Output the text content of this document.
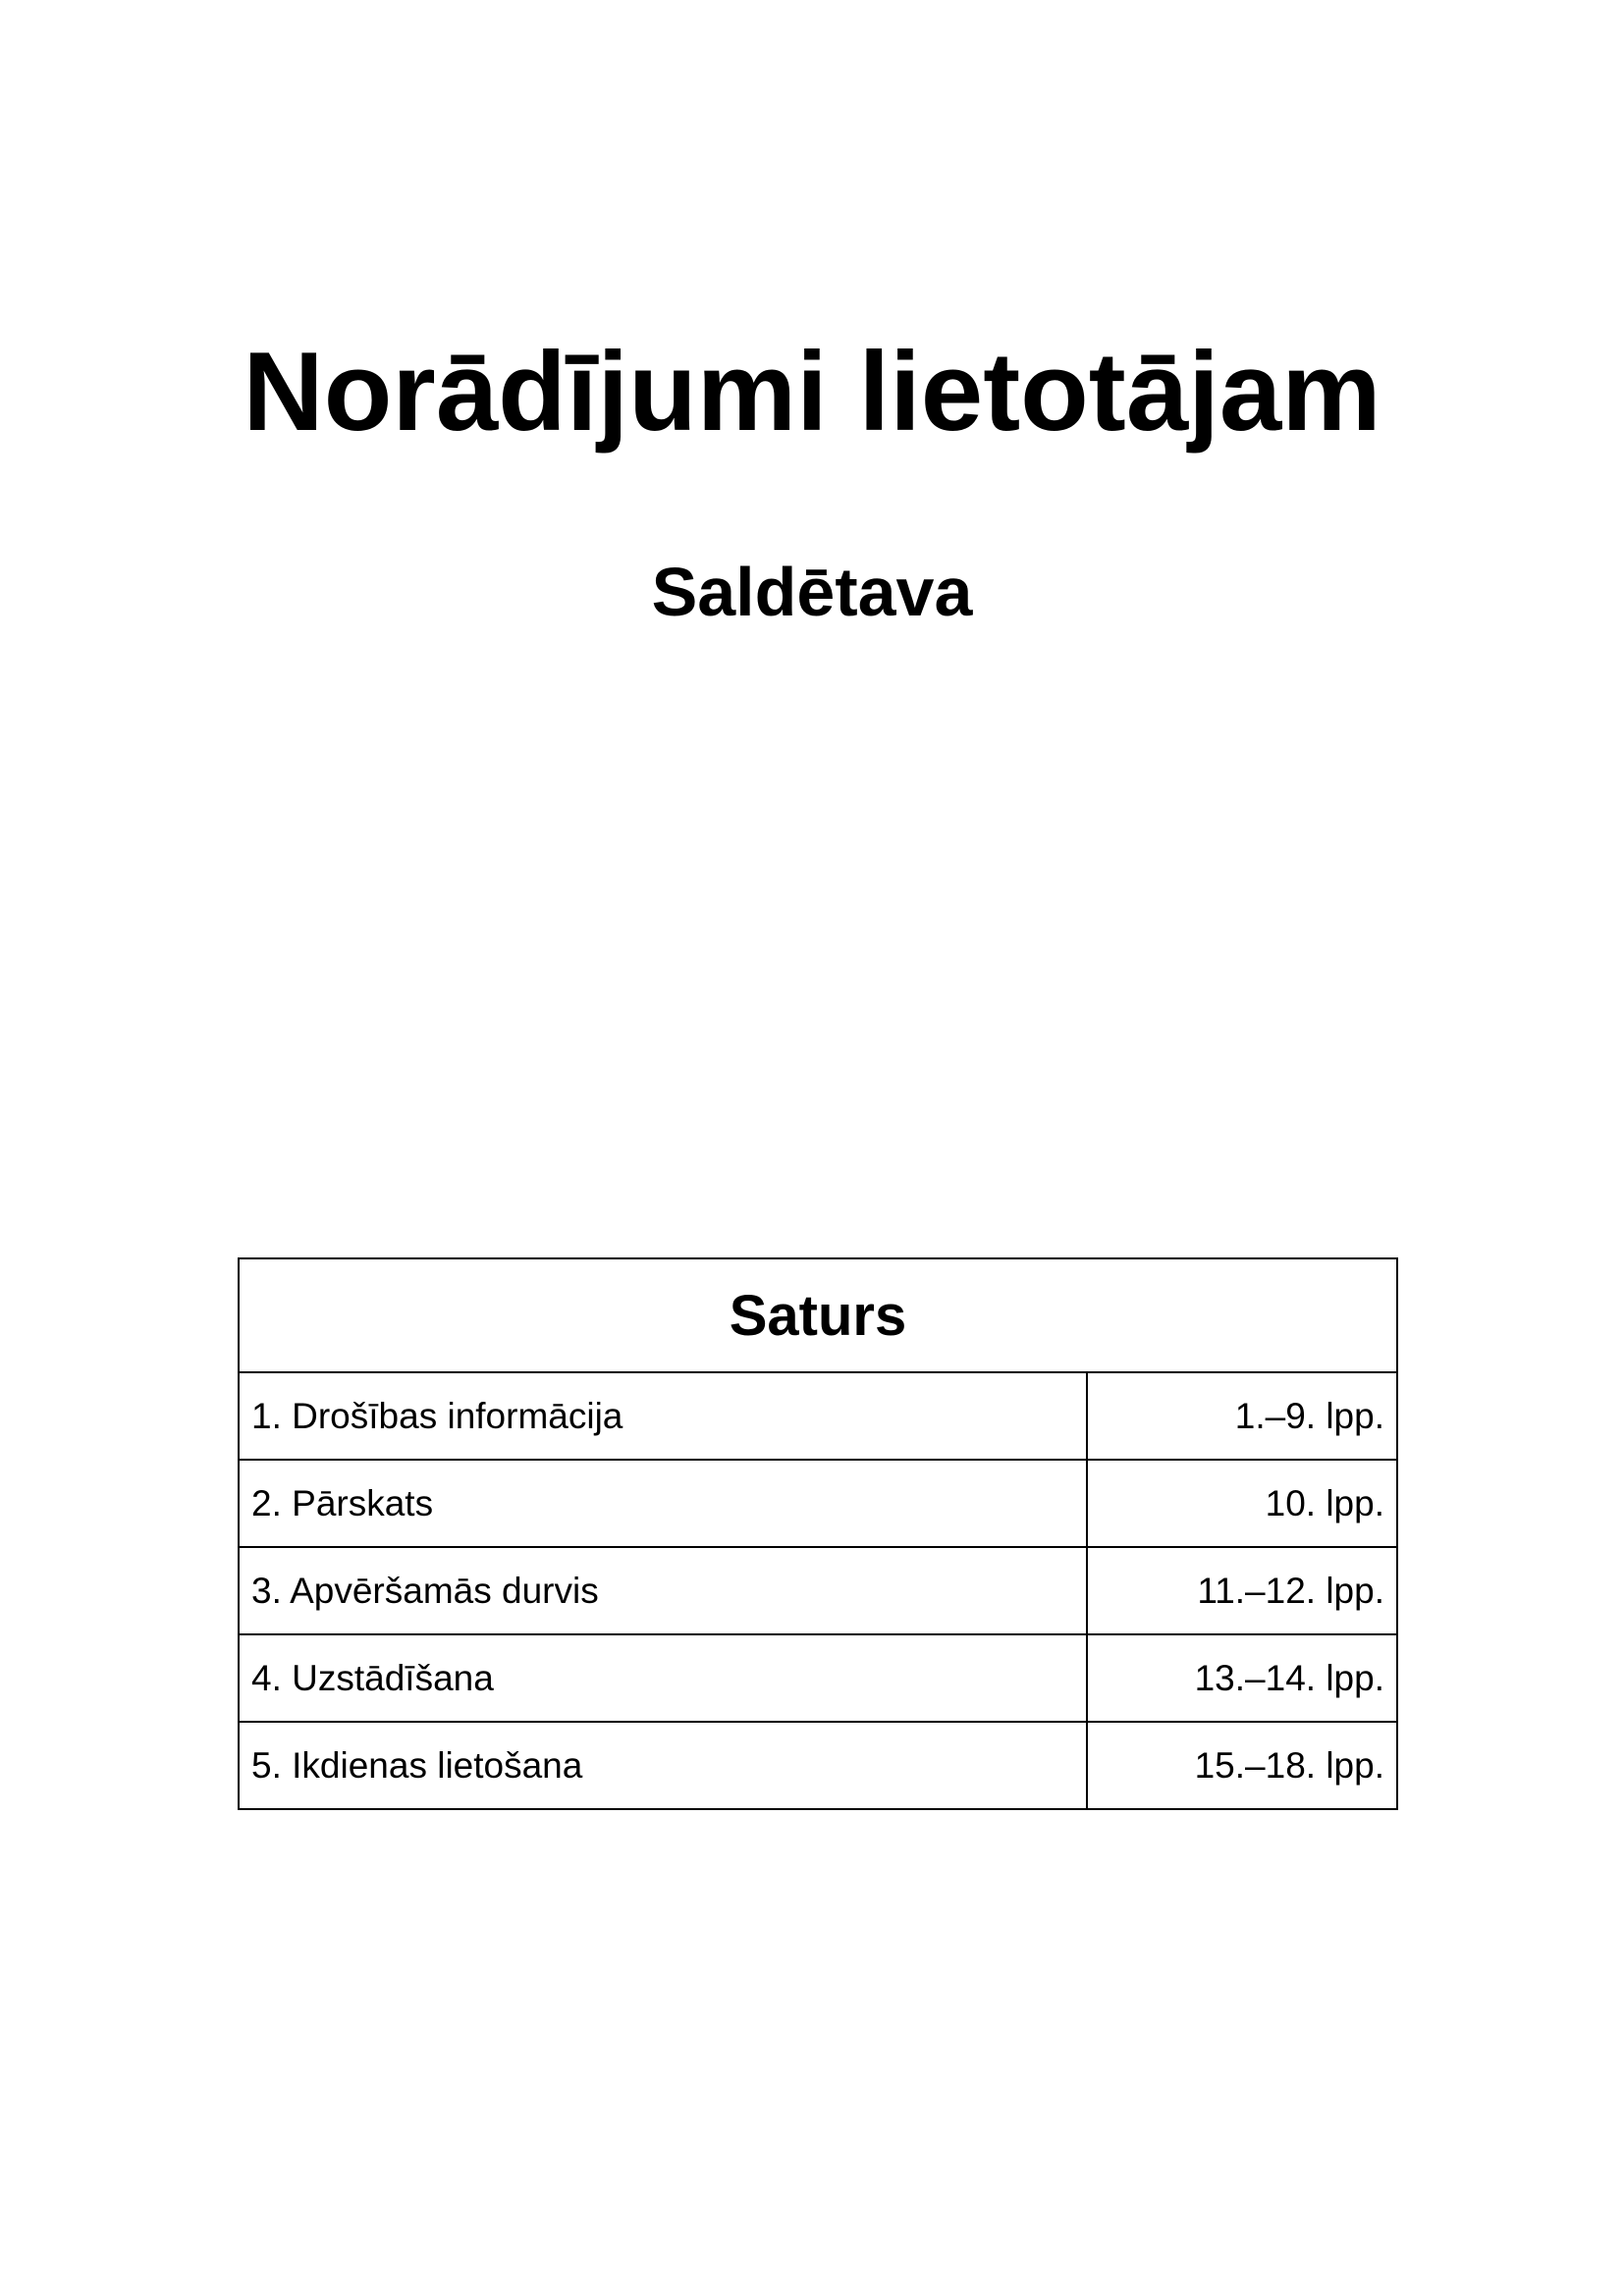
Norādījumi lietotājam
Saldētava
Saturs	
1. Drošības informācija	1.–9. lpp.
2. Pārskats	10. lpp.
3. Apvēršamās durvis	11.–12. lpp.
4. Uzstādīšana	13.–14. lpp.
5. Ikdienas lietošana	15.–18. lpp.
